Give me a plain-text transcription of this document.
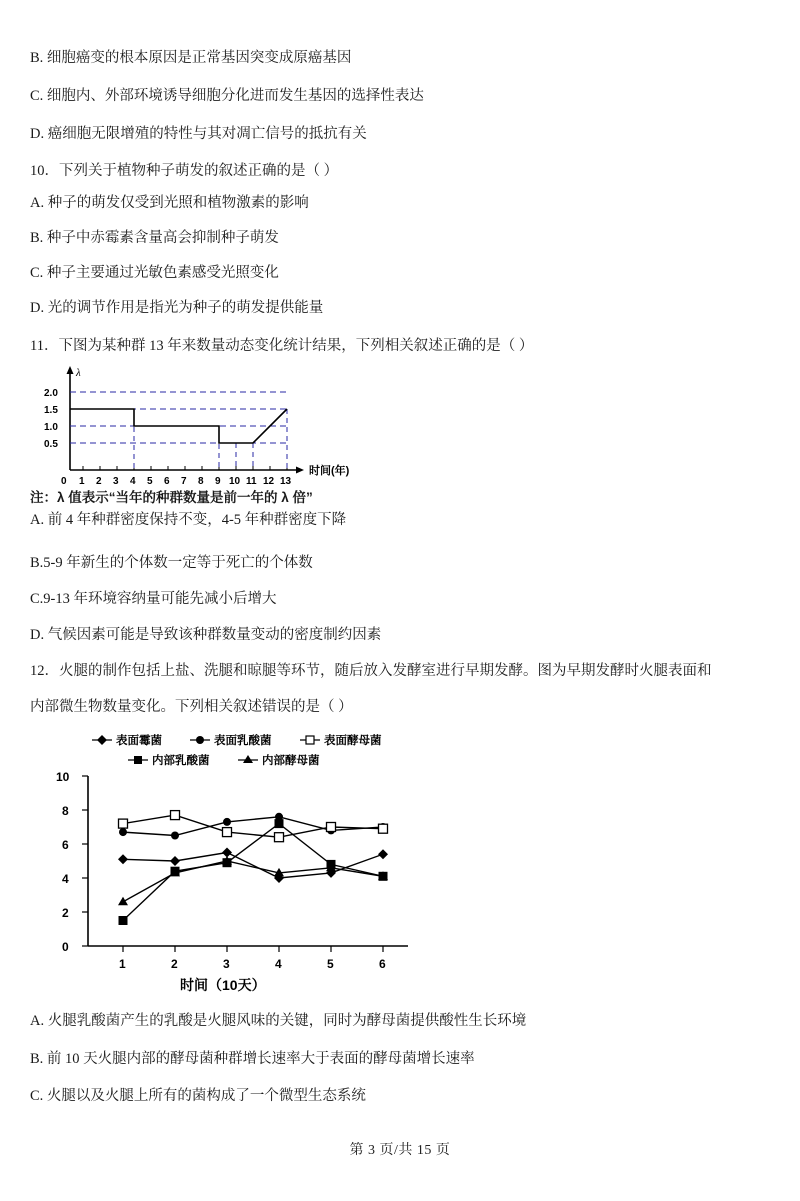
B. 细胞癌变的根本原因是正常基因突变成原癌基因
C. 细胞内、外部环境诱导细胞分化进而发生基因的选择性表达
D. 癌细胞无限增殖的特性与其对凋亡信号的抵抗有关
10．下列关于植物种子萌发的叙述正确的是（ ）
A. 种子的萌发仅受到光照和植物激素的影响
B. 种子中赤霉素含量高会抑制种子萌发
C. 种子主要通过光敏色素感受光照变化
D. 光的调节作用是指光为种子的萌发提供能量
11．下图为某种群 13 年来数量动态变化统计结果，下列相关叙述正确的是（ ）
λ
时间(年)
2.0
1.5
1.0
0.5
0 1 2 3 4 5 6 7 8 9 10 11 12 13
注：λ 值表示“当年的种群数量是前一年的 λ 倍”
A. 前 4 年种群密度保持不变，4-5 年种群密度下降
B.5-9 年新生的个体数一定等于死亡的个体数
C.9-13 年环境容纳量可能先减小后增大
D. 气候因素可能是导致该种群数量变动的密度制约因素
12．火腿的制作包括上盐、洗腿和晾腿等环节，随后放入发酵室进行早期发酵。图为早期发酵时火腿表面和
内部微生物数量变化。下列相关叙述错误的是（ ）
表面霉菌	表面乳酸菌	表面酵母菌
内部乳酸菌	内部酵母菌
0
2
4
6
8
10
1	2	3	4	5	6
时间（10天）
A. 火腿乳酸菌产生的乳酸是火腿风味的关键，同时为酵母菌提供酸性生长环境
B. 前 10 天火腿内部的酵母菌种群增长速率大于表面的酵母菌增长速率
C. 火腿以及火腿上所有的菌构成了一个微型生态系统
第 3 页/共 15 页
